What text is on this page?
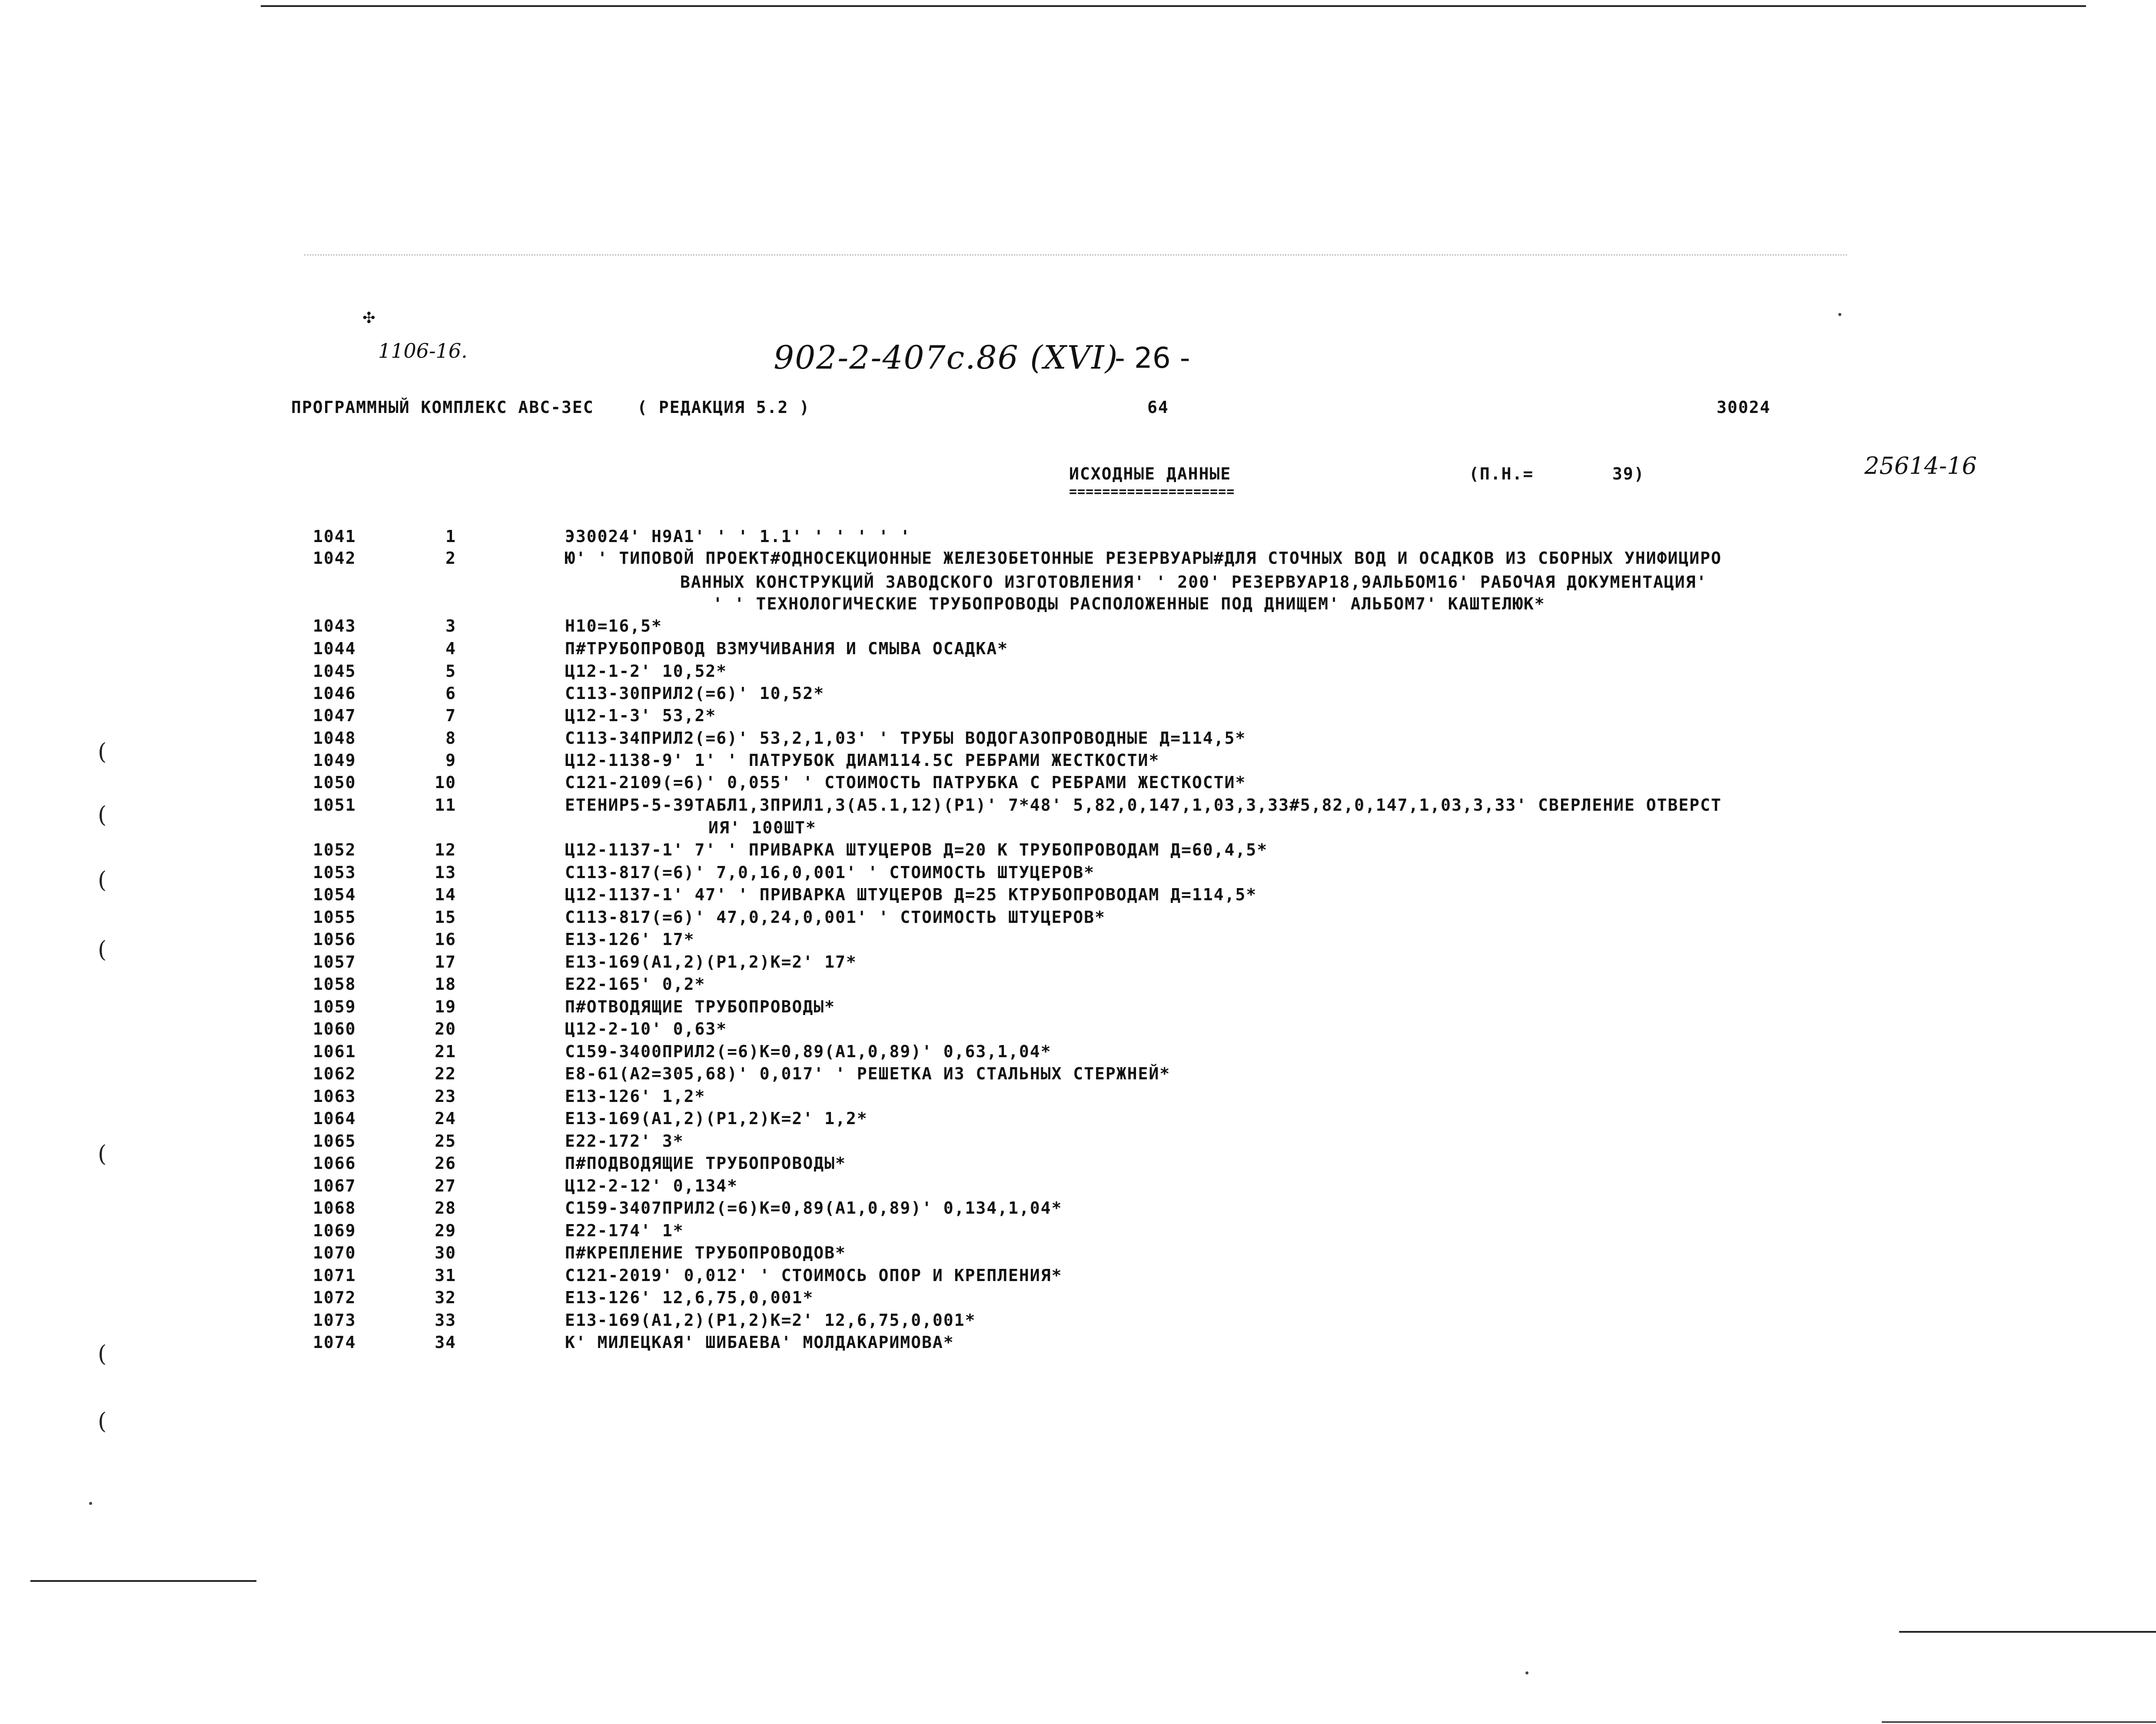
✣
(
(
(
(
(
(
(
1106-16.	902-2-407с.86 (XVI)
- 26 -
25614-16
ПРОГРАММНЫЙ КОМПЛЕКС АВС-ЗЕС    ( РЕДАКЦИЯ 5.2 )	64	30024
ИСХОДНЫЕ ДАННЫЕ
====================
(П.Н.=	39)
1041	1	Э30024' Н9А1' ' ' 1.1' ' ' ' ' '
1042	2	Ю' ' ТИПОВОЙ ПРОЕКТ#ОДНОСЕКЦИОННЫЕ ЖЕЛЕЗОБЕТОННЫЕ РЕЗЕРВУАРЫ#ДЛЯ СТОЧНЫХ ВОД И ОСАДКОВ ИЗ СБОРНЫХ УНИФИЦИРО
ВАННЫХ КОНСТРУКЦИЙ ЗАВОДСКОГО ИЗГОТОВЛЕНИЯ' ' 200' РЕЗЕРВУАР18,9АЛЬБОМ16' РАБОЧАЯ ДОКУМЕНТАЦИЯ'
' ' ТЕХНОЛОГИЧЕСКИЕ ТРУБОПРОВОДЫ РАСПОЛОЖЕННЫЕ ПОД ДНИЩЕМ' АЛЬБОМ7' КАШТЕЛЮК*
1043	3	Н10=16,5*
1044	4	П#ТРУБОПРОВОД ВЗМУЧИВАНИЯ И СМЫВА ОСАДКА*
1045	5	Ц12-1-2' 10,52*
1046	6	С113-30ПРИЛ2(=6)' 10,52*
1047	7	Ц12-1-3' 53,2*
1048	8	С113-34ПРИЛ2(=6)' 53,2,1,03' ' ТРУБЫ ВОДОГАЗОПРОВОДНЫЕ Д=114,5*
1049	9	Ц12-1138-9' 1' ' ПАТРУБОК ДИАМ114.5С РЕБРАМИ ЖЕСТКОСТИ*
1050	10	С121-2109(=6)' 0,055' ' СТОИМОСТЬ ПАТРУБКА С РЕБРАМИ ЖЕСТКОСТИ*
1051	11	ЕТЕНИР5-5-39ТАБЛ1,3ПРИЛ1,3(А5.1,12)(Р1)' 7*48' 5,82,0,147,1,03,3,33#5,82,0,147,1,03,3,33' СВЕРЛЕНИЕ ОТВЕРСТ
ИЯ' 100ШТ*
1052	12	Ц12-1137-1' 7' ' ПРИВАРКА ШТУЦЕРОВ Д=20 К ТРУБОПРОВОДАМ Д=60,4,5*
1053	13	С113-817(=6)' 7,0,16,0,001' ' СТОИМОСТЬ ШТУЦЕРОВ*
1054	14	Ц12-1137-1' 47' ' ПРИВАРКА ШТУЦЕРОВ Д=25 КТРУБОПРОВОДАМ Д=114,5*
1055	15	С113-817(=6)' 47,0,24,0,001' ' СТОИМОСТЬ ШТУЦЕРОВ*
1056	16	Е13-126' 17*
1057	17	Е13-169(А1,2)(Р1,2)К=2' 17*
1058	18	Е22-165' 0,2*
1059	19	П#ОТВОДЯЩИЕ ТРУБОПРОВОДЫ*
1060	20	Ц12-2-10' 0,63*
1061	21	С159-3400ПРИЛ2(=6)К=0,89(А1,0,89)' 0,63,1,04*
1062	22	Е8-61(А2=305,68)' 0,017' ' РЕШЕТКА ИЗ СТАЛЬНЫХ СТЕРЖНЕЙ*
1063	23	Е13-126' 1,2*
1064	24	Е13-169(А1,2)(Р1,2)К=2' 1,2*
1065	25	Е22-172' 3*
1066	26	П#ПОДВОДЯЩИЕ ТРУБОПРОВОДЫ*
1067	27	Ц12-2-12' 0,134*
1068	28	С159-3407ПРИЛ2(=6)К=0,89(А1,0,89)' 0,134,1,04*
1069	29	Е22-174' 1*
1070	30	П#КРЕПЛЕНИЕ ТРУБОПРОВОДОВ*
1071	31	С121-2019' 0,012' ' СТОИМОСЬ ОПОР И КРЕПЛЕНИЯ*
1072	32	Е13-126' 12,6,75,0,001*
1073	33	Е13-169(А1,2)(Р1,2)К=2' 12,6,75,0,001*
1074	34	К' МИЛЕЦКАЯ' ШИБАЕВА' МОЛДАКАРИМОВА*
